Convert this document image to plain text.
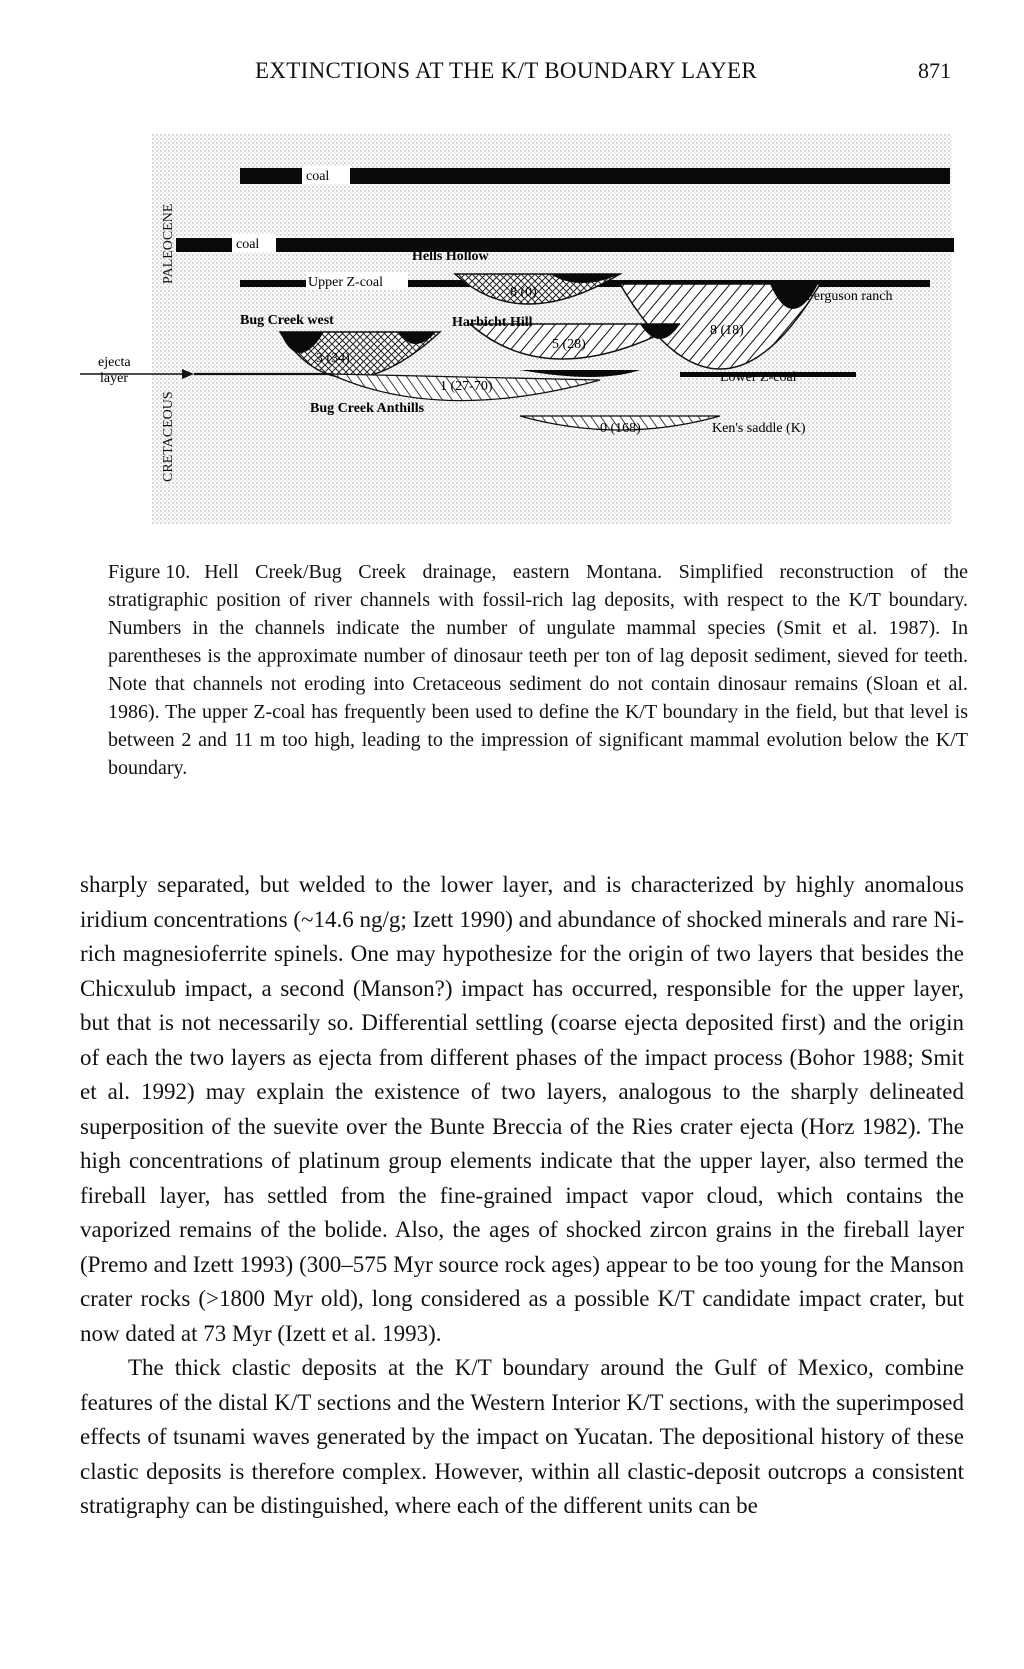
EXTINCTIONS AT THE K/T BOUNDARY LAYER	871
PALEOCENE
CRETACEOUS
coal
coal
Upper Z-coal
Hells Hollow
8 (0)	Ferguson ranch
8 (18)
Harbicht Hill
5 (28)
Bug Creek west
3 (34)
Bug Creek Anthills
1 (27-70)
Lower Z-coal
Ken's saddle (K)
0 (168)
ejecta
layer
Figure 10. Hell Creek/Bug Creek drainage, eastern Montana. Simplified reconstruction of the stratigraphic position of river channels with fossil-rich lag deposits, with respect to the K/T boundary. Numbers in the channels indicate the number of ungulate mammal species (Smit et al. 1987). In parentheses is the approximate number of dinosaur teeth per ton of lag deposit sediment, sieved for teeth. Note that channels not eroding into Cretaceous sediment do not contain dinosaur remains (Sloan et al. 1986). The upper Z-coal has frequently been used to define the K/T boundary in the field, but that level is between 2 and 11 m too high, leading to the impression of significant mammal evolution below the K/T boundary.

sharply separated, but welded to the lower layer, and is characterized by highly anomalous iridium concentrations (~14.6 ng/g; Izett 1990) and abundance of shocked minerals and rare Ni-rich magnesioferrite spinels. One may hypothesize for the origin of two layers that besides the Chicxulub impact, a second (Manson?) impact has occurred, responsible for the upper layer, but that is not necessarily so. Differential settling (coarse ejecta deposited first) and the origin of each the two layers as ejecta from different phases of the impact process (Bohor 1988; Smit et al. 1992) may explain the existence of two layers, analogous to the sharply delineated superposition of the suevite over the Bunte Breccia of the Ries crater ejecta (Horz 1982). The high concentrations of platinum group elements indicate that the upper layer, also termed the fireball layer, has settled from the fine-grained impact vapor cloud, which contains the vaporized remains of the bolide. Also, the ages of shocked zircon grains in the fireball layer (Premo and Izett 1993) (300–575 Myr source rock ages) appear to be too young for the Manson crater rocks (>1800 Myr old), long considered as a possible K/T candidate impact crater, but now dated at 73 Myr (Izett et al. 1993).

The thick clastic deposits at the K/T boundary around the Gulf of Mexico, combine features of the distal K/T sections and the Western Interior K/T sections, with the superimposed effects of tsunami waves generated by the impact on Yucatan. The depositional history of these clastic deposits is therefore complex. However, within all clastic-deposit outcrops a consistent stratigraphy can be distinguished, where each of the different units can be
